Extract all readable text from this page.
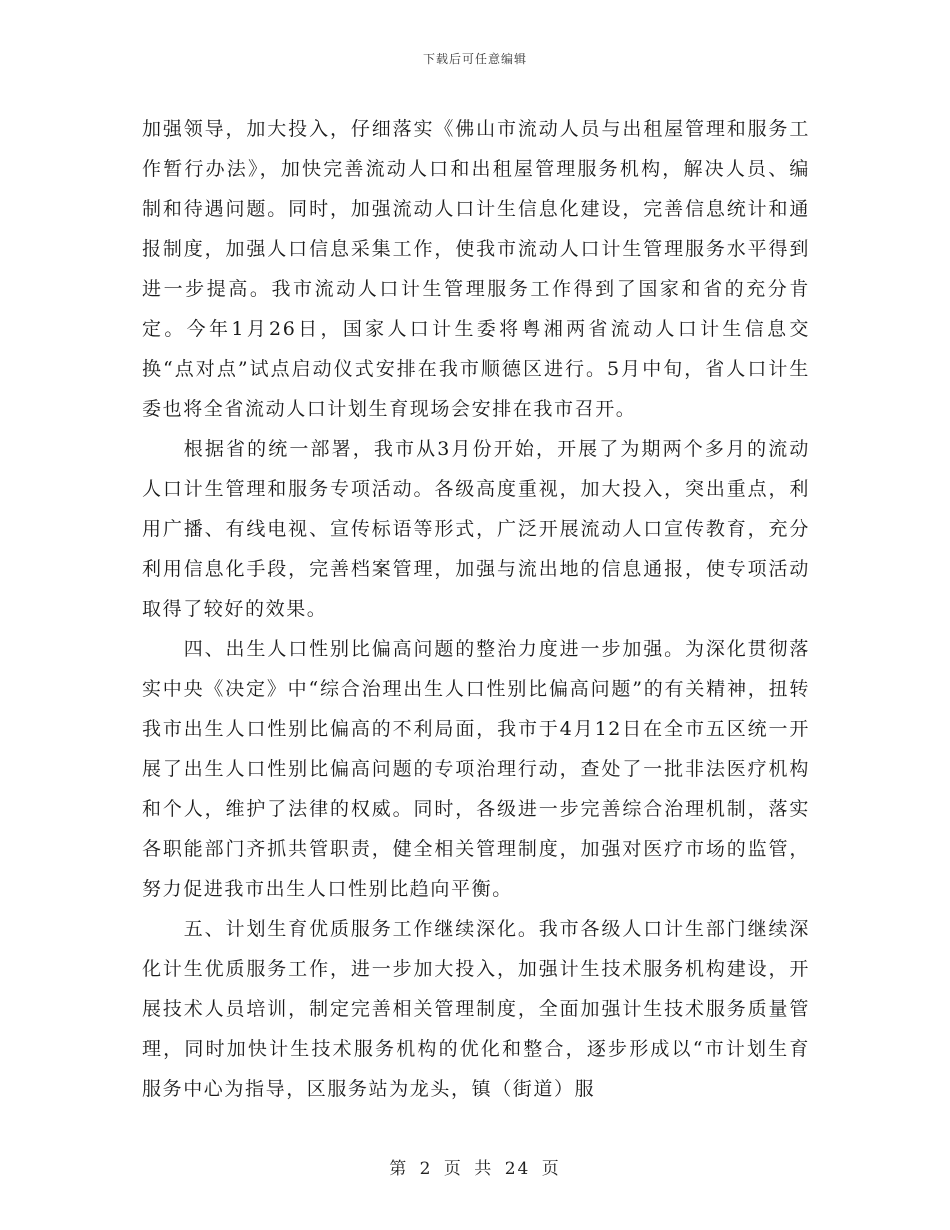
下载后可任意编辑

加强领导，加大投入，仔细落实《佛山市流动人员与出租屋管理和服务工作暂行办法》，加快完善流动人口和出租屋管理服务机构，解决人员、编制和待遇问题。同时，加强流动人口计生信息化建设，完善信息统计和通报制度，加强人口信息采集工作，使我市流动人口计生管理服务水平得到进一步提高。我市流动人口计生管理服务工作得到了国家和省的充分肯定。今年1月26日，国家人口计生委将粤湘两省流动人口计生信息交换“点对点”试点启动仪式安排在我市顺德区进行。5月中旬，省人口计生委也将全省流动人口计划生育现场会安排在我市召开。

根据省的统一部署，我市从3月份开始，开展了为期两个多月的流动人口计生管理和服务专项活动。各级高度重视，加大投入，突出重点，利用广播、有线电视、宣传标语等形式，广泛开展流动人口宣传教育，充分利用信息化手段，完善档案管理，加强与流出地的信息通报，使专项活动取得了较好的效果。

四、出生人口性别比偏高问题的整治力度进一步加强。为深化贯彻落实中央《决定》中“综合治理出生人口性别比偏高问题”的有关精神，扭转我市出生人口性别比偏高的不利局面，我市于4月12日在全市五区统一开展了出生人口性别比偏高问题的专项治理行动，查处了一批非法医疗机构和个人，维护了法律的权威。同时，各级进一步完善综合治理机制，落实各职能部门齐抓共管职责，健全相关管理制度，加强对医疗市场的监管，努力促进我市出生人口性别比趋向平衡。

五、计划生育优质服务工作继续深化。我市各级人口计生部门继续深化计生优质服务工作，进一步加大投入，加强计生技术服务机构建设，开展技术人员培训，制定完善相关管理制度，全面加强计生技术服务质量管理，同时加快计生技术服务机构的优化和整合，逐步形成以“市计划生育服务中心为指导，区服务站为龙头，镇（街道）服

第 2 页 共 24 页
